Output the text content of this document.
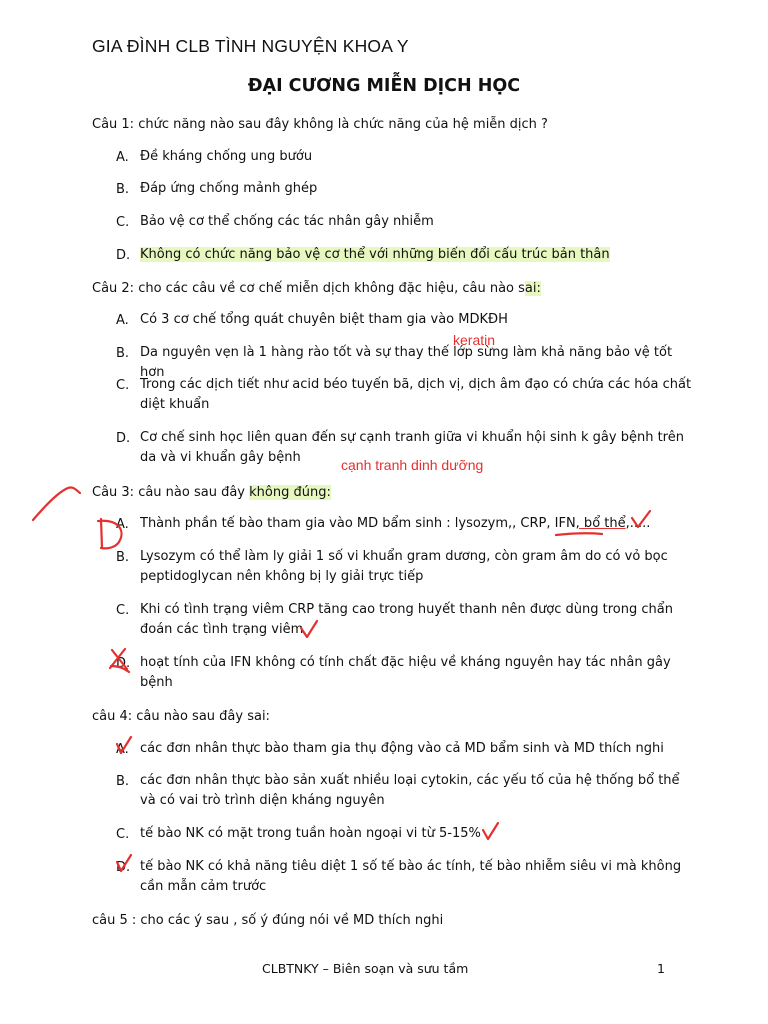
GIA ĐÌNH CLB TÌNH NGUYỆN KHOA Y
ĐẠI CƯƠNG MIỄN DỊCH HỌC
Câu 1: chức năng nào sau đây không là chức năng của hệ miễn dịch ?
A. Đề kháng chống ung bướu
B. Đáp ứng chống mảnh ghép
C. Bảo vệ cơ thể chống các tác nhân gây nhiễm
D. Không có chức năng bảo vệ cơ thể với những biến đổi cấu trúc bản thân
Câu 2: cho các câu về cơ chế miễn dịch không đặc hiệu, câu nào sai:
A. Có 3 cơ chế tổng quát chuyên biệt tham gia vào MDKĐH
keratin
B. Da nguyên vẹn là 1 hàng rào tốt và sự thay thế lớp sừng làm khả năng bảo vệ tốt hơn
C. Trong các dịch tiết như acid béo tuyến bã, dịch vị, dịch âm đạo có chứa các hóa chất
diệt khuẩn
D. Cơ chế sinh học liên quan đến sự cạnh tranh giữa vi khuẩn hội sinh k gây bệnh trên
da và vi khuẩn gây bệnh	cạnh tranh dinh dưỡng
Câu 3: câu nào sau đây không đúng:
A. Thành phần tế bào tham gia vào MD bẩm sinh : lysozym,, CRP, IFN, bổ thể,.....
B. Lysozym có thể làm ly giải 1 số vi khuẩn gram dương, còn gram âm do có vỏ bọc
peptidoglycan nên không bị ly giải trực tiếp
C. Khi có tình trạng viêm CRP tăng cao trong huyết thanh nên được dùng trong chẩn
đoán các tình trạng viêm
D. hoạt tính của IFN không có tính chất đặc hiệu về kháng nguyên hay tác nhân gây
bệnh
câu 4: câu nào sau đây sai:
A. các đơn nhân thực bào tham gia thụ động vào cả MD bẩm sinh và MD thích nghi
B. các đơn nhân thực bào sản xuất nhiều loại cytokin, các yếu tố của hệ thống bổ thể
và có vai trò trình diện kháng nguyên
C. tế bào NK có mặt trong tuần hoàn ngoại vi từ 5-15%
D. tế bào NK có khả năng tiêu diệt 1 số tế bào ác tính, tế bào nhiễm siêu vi mà không
cần mẫn cảm trước
câu 5 : cho các ý sau , số ý đúng nói về MD thích nghi
CLBTNKY – Biên soạn và sưu tầm	1
